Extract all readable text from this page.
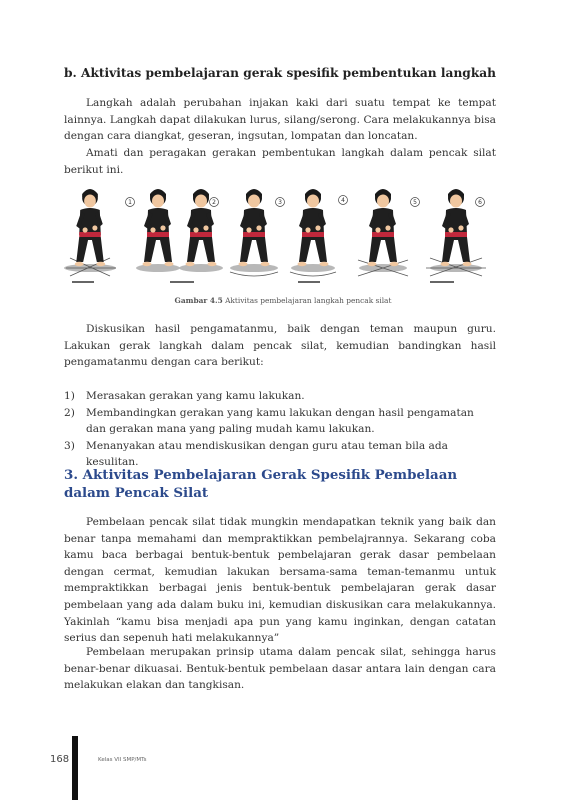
b. Aktivitas pembelajaran gerak spesifik pembentukan langkah

Langkah adalah perubahan injakan kaki dari suatu tempat ke tempat lainnya. Langkah dapat dilakukan lurus, silang/serong. Cara melakukannya bisa dengan cara diangkat, geseran, ingsutan, lompatan dan loncatan.

Amati dan peragakan gerakan pembentukan langkah dalam pencak silat berikut ini.

1	2	3	4	5	6
Gambar 4.5 Aktivitas pembelajaran langkah pencak silat

Diskusikan hasil pengamatanmu, baik dengan teman maupun guru. Lakukan gerak langkah dalam pencak silat, kemudian bandingkan hasil pengamatanmu dengan cara berikut:

1) Merasakan gerakan yang kamu lakukan.
2) Membandingkan gerakan yang kamu lakukan dengan hasil pengamatan dan gerakan mana yang paling mudah kamu lakukan.
3) Menanyakan atau mendiskusikan dengan guru atau teman bila ada kesulitan.
3. Aktivitas Pembelajaran Gerak Spesifik Pembelaan dalam Pencak Silat

Pembelaan pencak silat tidak mungkin mendapatkan teknik yang baik dan benar tanpa memahami dan mempraktikkan pembelajrannya. Sekarang coba kamu baca berbagai bentuk-bentuk pembelajaran gerak dasar pembelaan dengan cermat, kemudian lakukan bersama-sama teman-temanmu untuk mempraktikkan berbagai jenis bentuk-bentuk pembelajaran gerak dasar pembelaan yang ada dalam buku ini, kemudian diskusikan cara melakukannya. Yakinlah “kamu bisa menjadi apa pun yang kamu inginkan, dengan catatan serius dan sepenuh hati melakukannya”

Pembelaan merupakan prinsip utama dalam pencak silat, sehingga harus benar-benar dikuasai. Bentuk-bentuk pembelaan dasar antara lain dengan cara melakukan elakan dan tangkisan.

168	Kelas VII SMP/MTs
